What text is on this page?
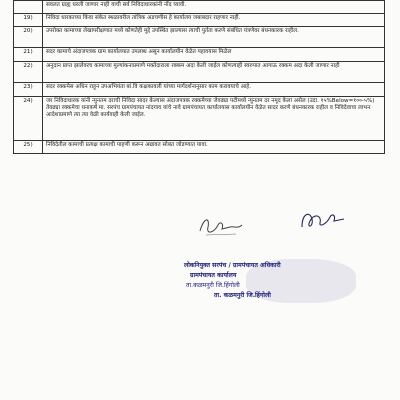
	सवलत ग्राह्य धरली जाणार नाही याची सर्व निविदाधारकांनी नोंद घ्यावी.
19)	निविदा धारकाच्या किंवा संकेत स्थळावरील तांत्रिक अडचणीस हे कार्यालय जबाबदार राहणार नाही.
20)	उपरोक्त कामाच्या लेखापरीक्षणात मध्ये कोणतेही मुद्दे उपस्थित झाल्यास त्याची पुर्तता करणे संबंधित यंत्रणेवर बंधनकारक राहील.
21)	सदर कामाचे अंदाजपत्रक ग्राम कार्यालयात उपलब्ध असून कार्यालयीन वेळेत पहावयास मिळेल
22)	अनुदान प्राप्त झालेवरच कामाच्या मुल्यांकनाप्रमाणे मक्तेदाराला रक्कम अदा केली जाईल कोणत्याही स्वरुपात आगाऊ रक्कम अदा केली जाणार नाही
23)	सदर रक्कमेस अधिन राहून उपअभियंता बां.वि कक्षकावली यांच्या मार्गदर्शनानुसार काम करावयाचे आहे.
24)	जर निविदाधारक यांनी न्युनतम दराची निविदा सादर केल्यास अंदाजपत्रक रक्कमेच्या जेवढ्या पटीमध्ये न्युनतम दर नमूद केला असेल (उदा. १५%Below=१००-५%) तेवढ्या रक्कमेचा धनाकर्ष मा. सरपंच ग्रामपंचायत नांदगाव यांचे नावे ग्रामपंचायत कार्यालयास कार्यालयीन वेळेत सादर करणे बंधनकारक राहील व निविदेवाचा लाभन आदेशाप्रमाणे त्या त्या वेळी कार्यवाही केली जाईल.
25)	निविदेतील कामाची प्रत्यक्ष कामाची पाहणी करून अद्यावत सोबत जोडण्यात यावा.
लोकनियुक्त सरपंच / ग्रामपंचायत अधिकारी
ग्रामपंचायत कार्यालय
ता.कळमनुरी जि.हिंगोली
ता. कळमनुरी जि.हिंगोली
